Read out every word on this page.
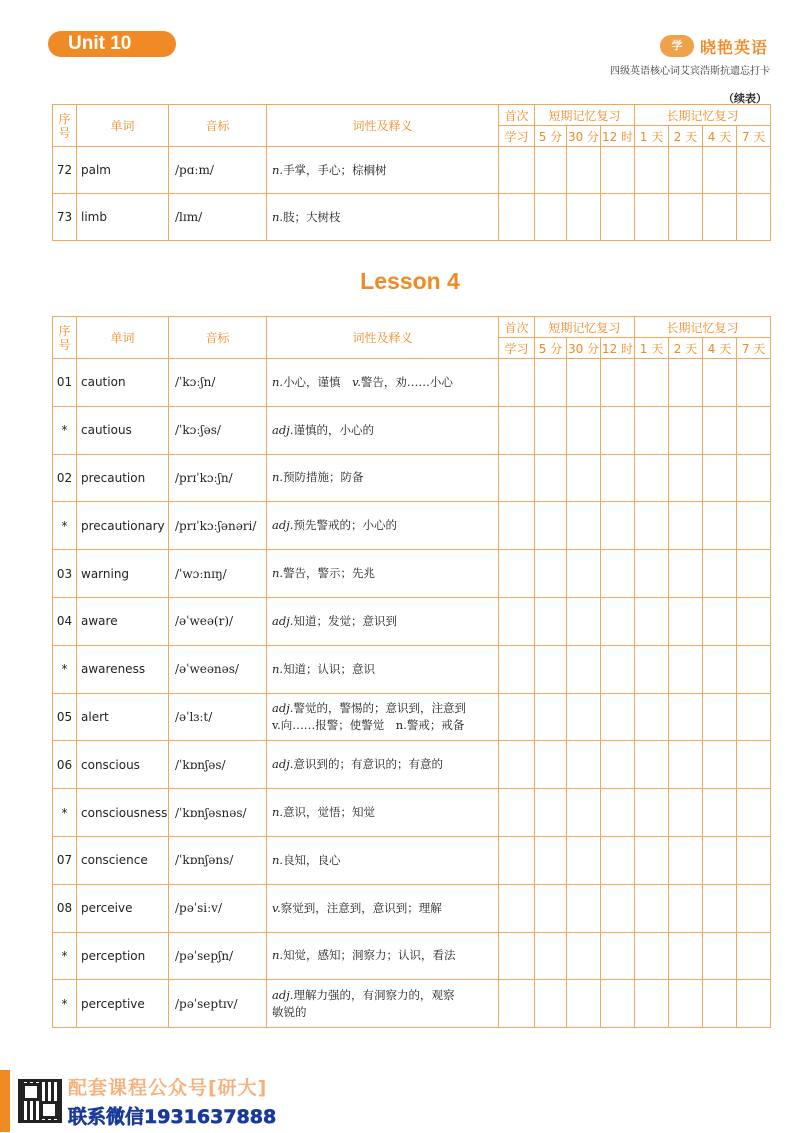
Unit 10	学	晓艳英语
四级英语核心词艾宾浩斯抗遗忘打卡
（续表）
序号	单词	音标	词性及释义	首次	短期记忆复习			长期记忆复习			
				学习	5 分	30 分	12 时	1 天	2 天	4 天	7 天
72	palm	/pɑːm/	n.手掌，手心；棕榈树								

73	limb	/lɪm/	n.肢；大树枝								

Lesson 4
序号	单词	音标	词性及释义	首次	短期记忆复习			长期记忆复习			
				学习	5 分	30 分	12 时	1 天	2 天	4 天	7 天
01	caution	/ˈkɔːʃn/	n.小心，谨慎  v.警告，劝……小心								

*	cautious	/ˈkɔːʃəs/	adj.谨慎的，小心的								

02	precaution	/prɪˈkɔːʃn/	n.预防措施；防备								

*	precautionary	/prɪˈkɔːʃənəri/	adj.预先警戒的；小心的								

03	warning	/ˈwɔːnɪŋ/	n.警告，警示；先兆								

04	aware	/əˈweə(r)/	adj.知道；发觉；意识到								

*	awareness	/əˈweənəs/	n.知道；认识；意识								

05	alert	/əˈlɜːt/	adj.警觉的，警惕的；意识到，注意到
v.向……报警；使警觉　n.警戒；戒备								

06	conscious	/ˈkɒnʃəs/	adj.意识到的；有意识的；有意的								

*	consciousness	/ˈkɒnʃəsnəs/	n.意识，觉悟；知觉								

07	conscience	/ˈkɒnʃəns/	n.良知，良心								

08	perceive	/pəˈsiːv/	v.察觉到，注意到，意识到；理解								

*	perception	/pəˈsepʃn/	n.知觉，感知；洞察力；认识，看法								

*	perceptive	/pəˈseptɪv/	adj.理解力强的，有洞察力的，观察
敏锐的								

配套课程公众号[研大]
联系微信1931637888
